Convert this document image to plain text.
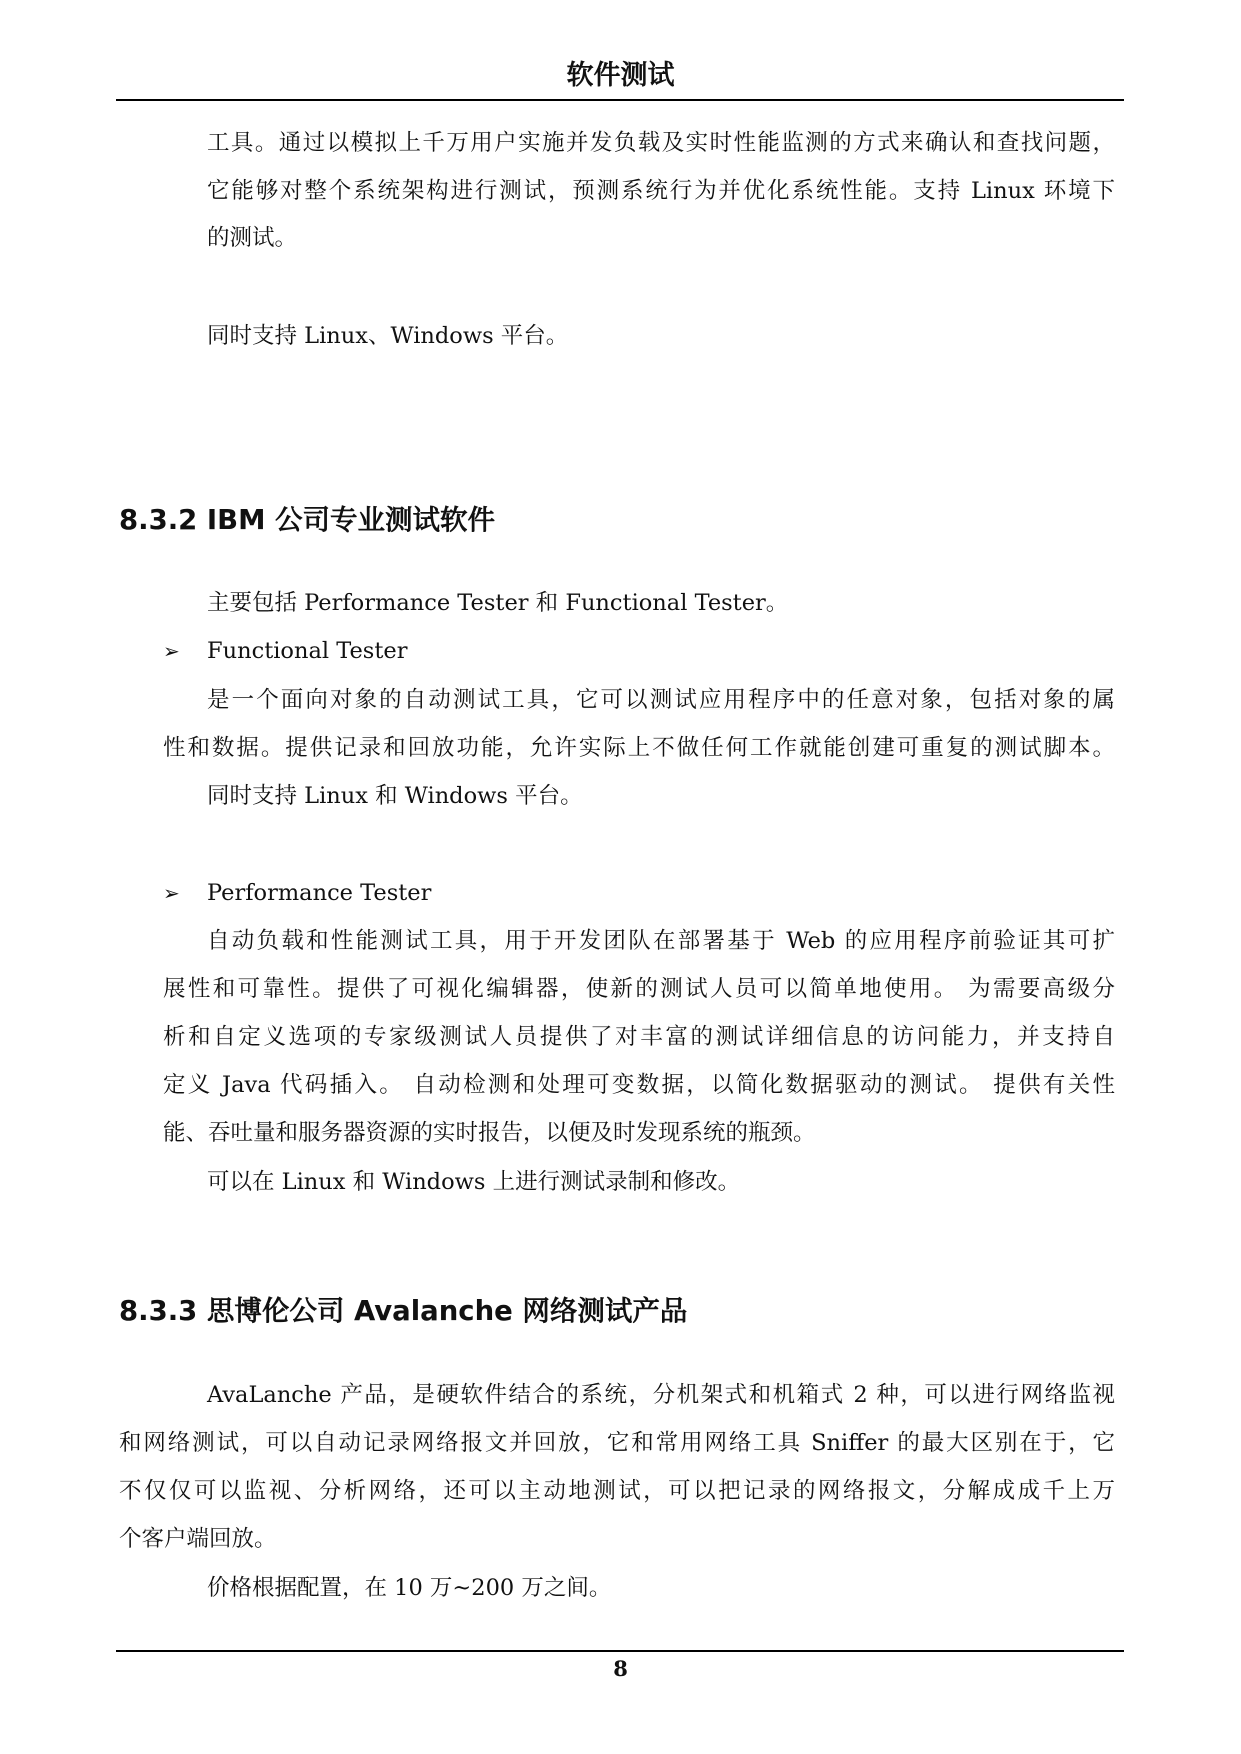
软件测试
工具。通过以模拟上千万用户实施并发负载及实时性能监测的方式来确认和查找问题，
它能够对整个系统架构进行测试，预测系统行为并优化系统性能。支持 Linux 环境下
的测试。
同时支持 Linux、Windows 平台。
8.3.2 IBM 公司专业测试软件
主要包括 Performance Tester 和 Functional Tester。
➢ Functional Tester
是一个面向对象的自动测试工具，它可以测试应用程序中的任意对象，包括对象的属
性和数据。提供记录和回放功能，允许实际上不做任何工作就能创建可重复的测试脚本。
同时支持 Linux 和 Windows 平台。
➢ Performance Tester
自动负载和性能测试工具，用于开发团队在部署基于 Web 的应用程序前验证其可扩
展性和可靠性。提供了可视化编辑器，使新的测试人员可以简单地使用。 为需要高级分
析和自定义选项的专家级测试人员提供了对丰富的测试详细信息的访问能力，并支持自
定义 Java 代码插入。 自动检测和处理可变数据，以简化数据驱动的测试。 提供有关性
能、吞吐量和服务器资源的实时报告，以便及时发现系统的瓶颈。
可以在 Linux 和 Windows 上进行测试录制和修改。
8.3.3 思博伦公司 Avalanche 网络测试产品
AvaLanche 产品，是硬软件结合的系统，分机架式和机箱式 2 种，可以进行网络监视
和网络测试，可以自动记录网络报文并回放，它和常用网络工具 Sniffer 的最大区别在于，它
不仅仅可以监视、分析网络，还可以主动地测试，可以把记录的网络报文，分解成成千上万
个客户端回放。
价格根据配置，在 10 万~200 万之间。
8
